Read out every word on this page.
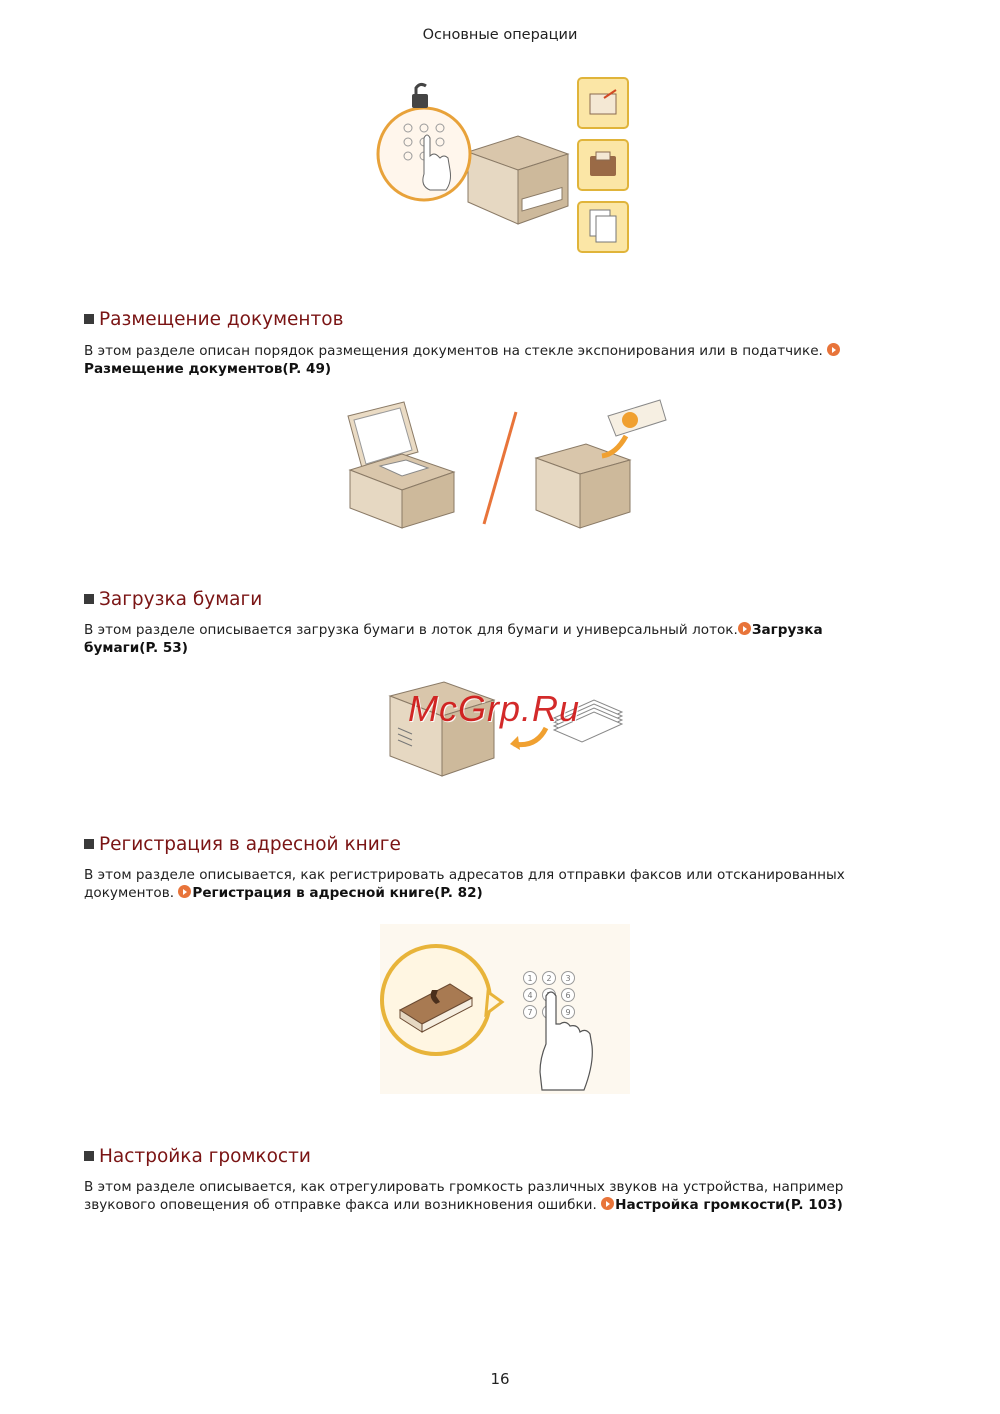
Основные операции
Размещение документов
В этом разделе описан порядок размещения документов на стекле экспонирования или в податчике.
Размещение документов(P. 49)
Загрузка бумаги
В этом разделе описывается загрузка бумаги в лоток для бумаги и универсальный лоток. Загрузка бумаги(P. 53)
McGrp.Ru
Регистрация в адресной книге
В этом разделе описывается, как регистрировать адресатов для отправки факсов или отсканированных документов. Регистрация в адресной книге(P. 82)
1 2 3
4	6
7	9
Настройка громкости
В этом разделе описывается, как отрегулировать громкость различных звуков на устройства, например звукового оповещения об отправке факса или возникновения ошибки. Настройка громкости(P. 103)
16
